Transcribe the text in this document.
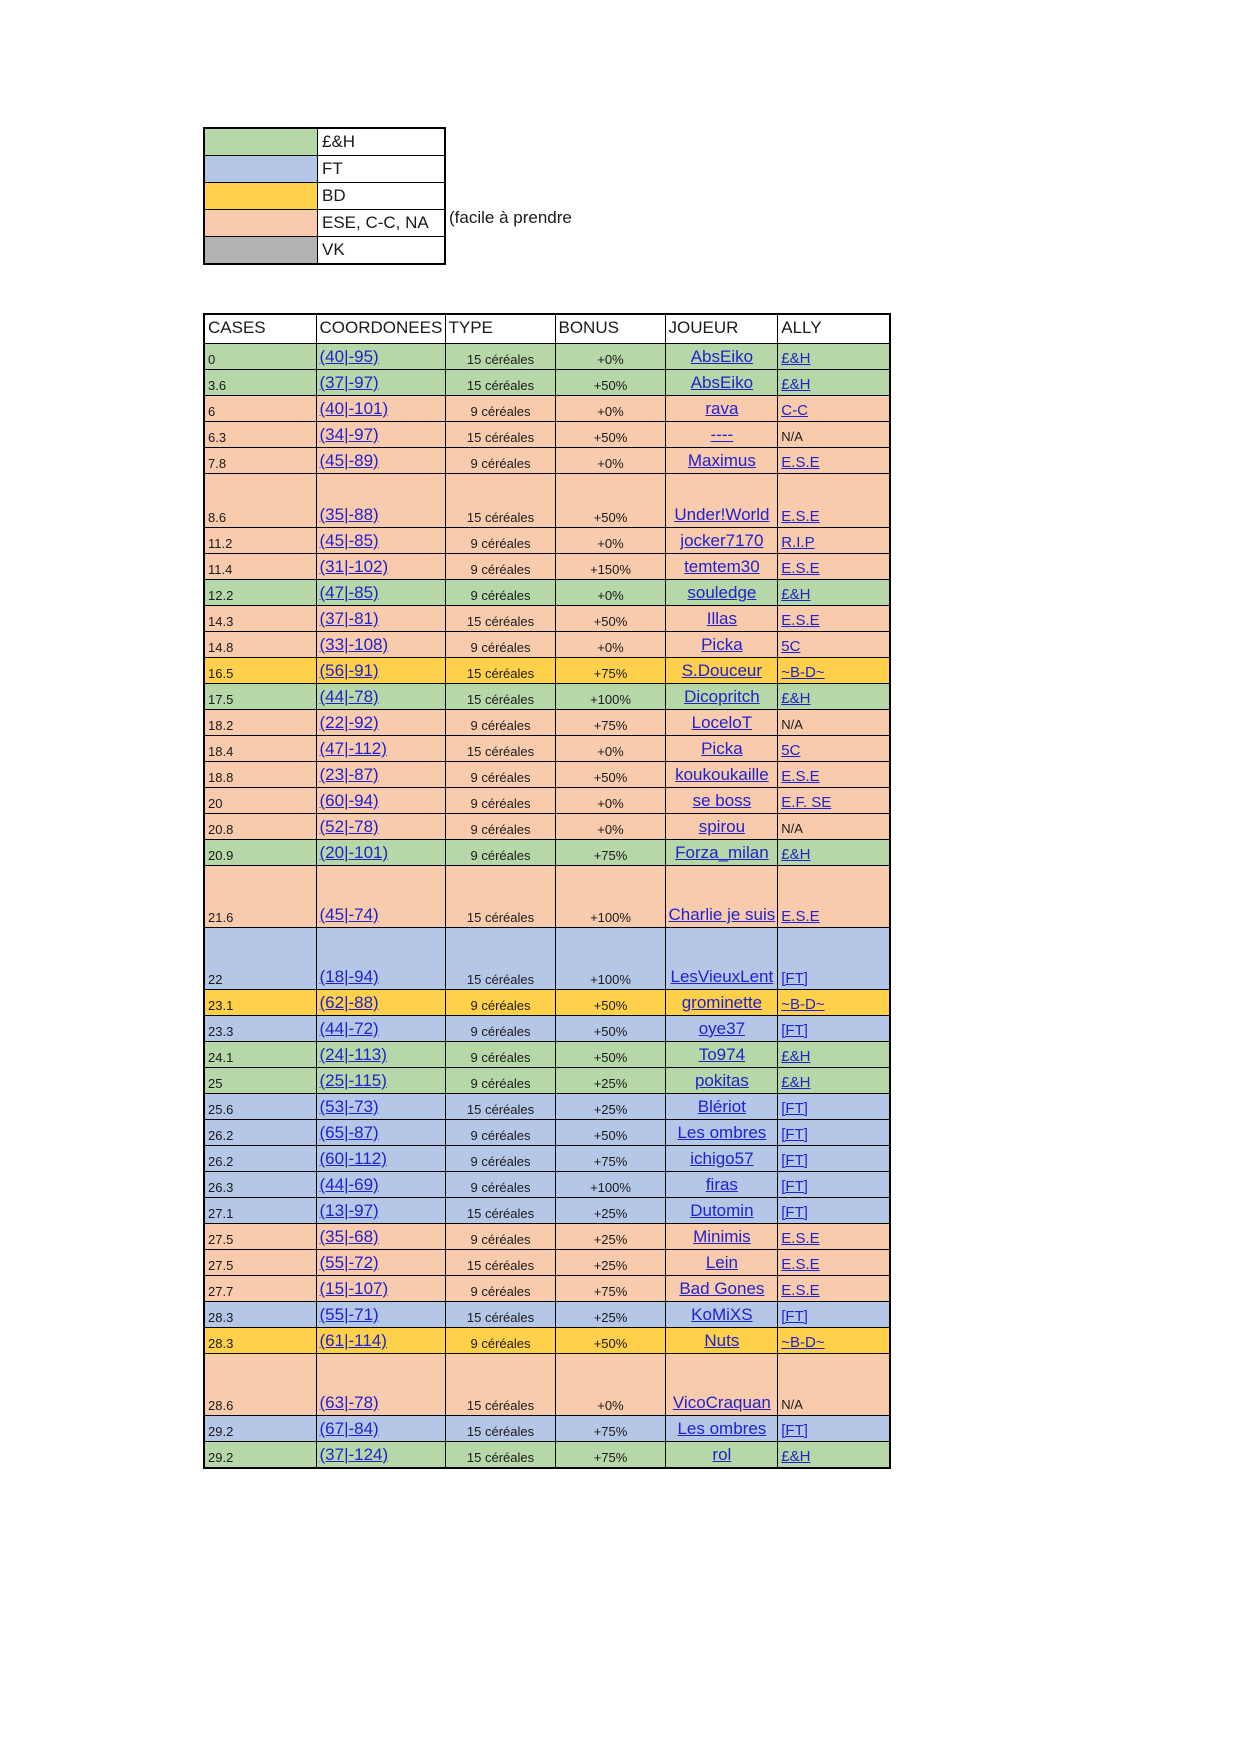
	£&H
	FT
	BD
	ESE, C-C, NA
	VK
(facile à prendre
CASES	COORDONEES	TYPE	BONUS	JOUEUR	ALLY
0	(40|-95)	15 céréales	+0%	AbsEiko	£&H
3.6	(37|-97)	15 céréales	+50%	AbsEiko	£&H
6	(40|-101)	9 céréales	+0%	rava	C-C
6.3	(34|-97)	15 céréales	+50%	----	N/A
7.8	(45|-89)	9 céréales	+0%	Maximus	E.S.E
8.6	(35|-88)	15 céréales	+50%	Under!World	E.S.E
11.2	(45|-85)	9 céréales	+0%	jocker7170	R.I.P
11.4	(31|-102)	9 céréales	+150%	temtem30	E.S.E
12.2	(47|-85)	9 céréales	+0%	souledge	£&H
14.3	(37|-81)	15 céréales	+50%	Illas	E.S.E
14.8	(33|-108)	9 céréales	+0%	Picka	5C
16.5	(56|-91)	15 céréales	+75%	S.Douceur	~B-D~
17.5	(44|-78)	15 céréales	+100%	Dicopritch	£&H
18.2	(22|-92)	9 céréales	+75%	LoceloT	N/A
18.4	(47|-112)	15 céréales	+0%	Picka	5C
18.8	(23|-87)	9 céréales	+50%	koukoukaille	E.S.E
20	(60|-94)	9 céréales	+0%	se boss	E.F. SE
20.8	(52|-78)	9 céréales	+0%	spirou	N/A
20.9	(20|-101)	9 céréales	+75%	Forza_milan	£&H
21.6	(45|-74)	15 céréales	+100%	Charlie je suis	E.S.E
22	(18|-94)	15 céréales	+100%	LesVieuxLent	[FT]
23.1	(62|-88)	9 céréales	+50%	grominette	~B-D~
23.3	(44|-72)	9 céréales	+50%	oye37	[FT]
24.1	(24|-113)	9 céréales	+50%	To974	£&H
25	(25|-115)	9 céréales	+25%	pokitas	£&H
25.6	(53|-73)	15 céréales	+25%	Blériot	[FT]
26.2	(65|-87)	9 céréales	+50%	Les ombres	[FT]
26.2	(60|-112)	9 céréales	+75%	ichigo57	[FT]
26.3	(44|-69)	9 céréales	+100%	firas	[FT]
27.1	(13|-97)	15 céréales	+25%	Dutomin	[FT]
27.5	(35|-68)	9 céréales	+25%	Minimis	E.S.E
27.5	(55|-72)	15 céréales	+25%	Lein	E.S.E
27.7	(15|-107)	9 céréales	+75%	Bad Gones	E.S.E
28.3	(55|-71)	15 céréales	+25%	KoMiXS	[FT]
28.3	(61|-114)	9 céréales	+50%	Nuts	~B-D~
28.6	(63|-78)	15 céréales	+0%	VicoCraquan	N/A
29.2	(67|-84)	15 céréales	+75%	Les ombres	[FT]
29.2	(37|-124)	15 céréales	+75%	rol	£&H
